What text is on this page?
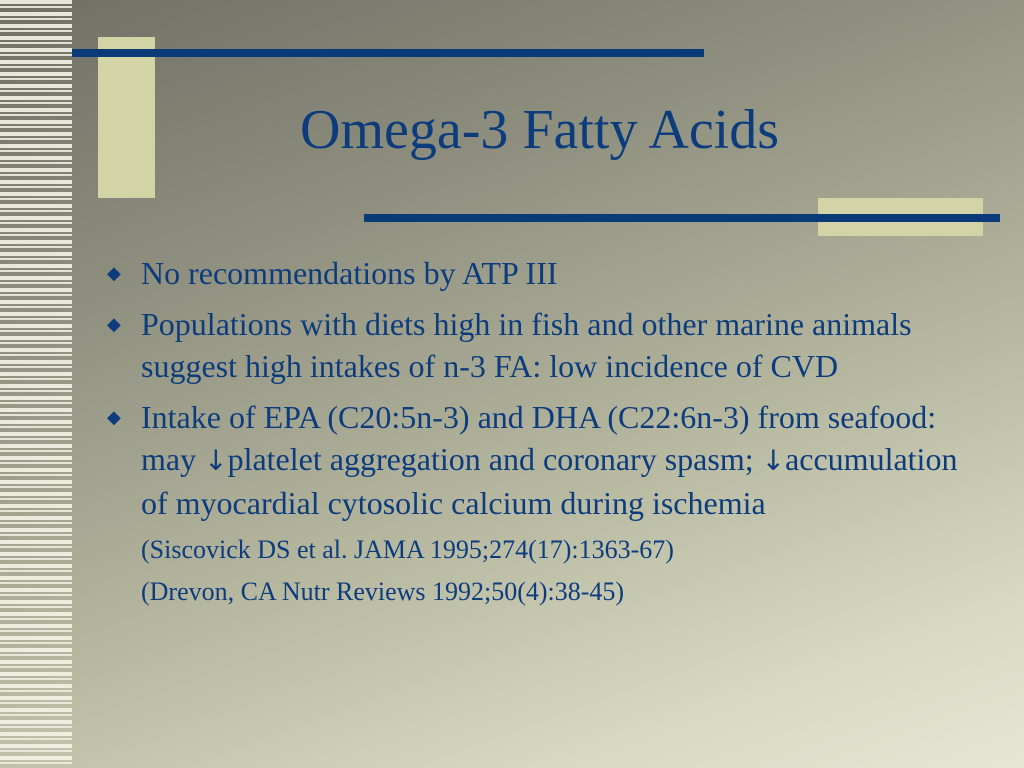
Omega-3 Fatty Acids
◆ No recommendations by ATP III
◆ Populations with diets high in fish and other marine animals suggest high intakes of n-3 FA: low incidence of CVD
◆ Intake of EPA (C20:5n-3) and DHA (C22:6n-3) from seafood: may ↓platelet aggregation and coronary spasm; ↓accumulation of myocardial cytosolic calcium during ischemia
(Siscovick DS et al. JAMA 1995;274(17):1363-67)
(Drevon, CA Nutr Reviews 1992;50(4):38-45)
